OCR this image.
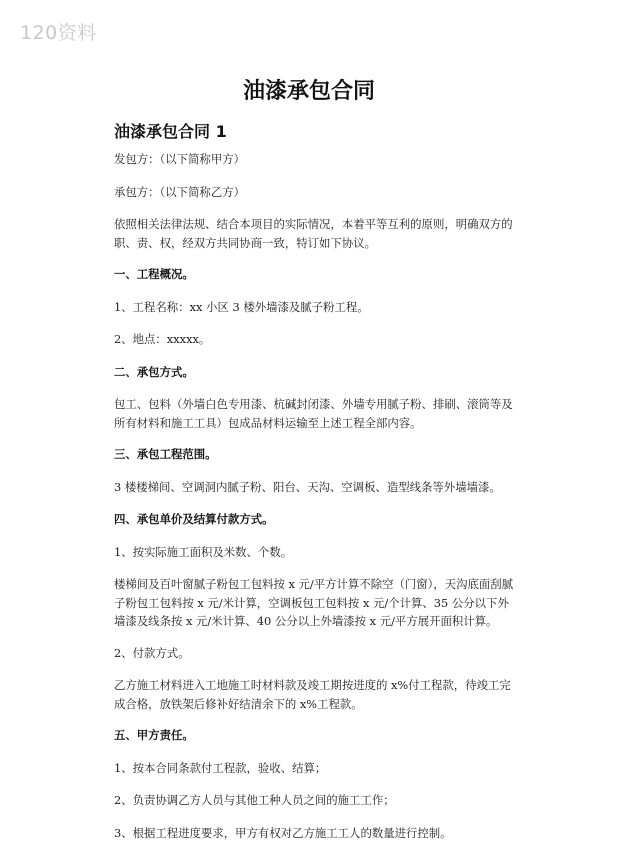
120资料
油漆承包合同
油漆承包合同 1

发包方：（以下简称甲方）

承包方：（以下简称乙方）

依照相关法律法规、结合本项目的实际情况，本着平等互利的原则，明确双方的职、责、权，经双方共同协商一致，特订如下协议。

一、工程概况。

1、工程名称：xx 小区 3 楼外墙漆及腻子粉工程。

2、地点：xxxxx。

二、承包方式。

包工、包料（外墙白色专用漆、杭碱封闭漆、外墙专用腻子粉、排刷、滚筒等及所有材料和施工工具）包成品材料运输至上述工程全部内容。

三、承包工程范围。

3 楼楼梯间、空调洞内腻子粉、阳台、天沟、空调板、造型线条等外墙墙漆。

四、承包单价及结算付款方式。

1、按实际施工面积及米数、个数。

楼梯间及百叶窗腻子粉包工包料按 x 元/平方计算不除空（门窗），天沟底面刮腻子粉包工包料按 x 元/米计算，空调板包工包料按 x 元/个计算、35 公分以下外墙漆及线条按 x 元/米计算、40 公分以上外墙漆按 x 元/平方展开面积计算。

2、付款方式。

乙方施工材料进入工地施工时材料款及竣工期按进度的 x%付工程款，待竣工完成合格，放铁架后修补好结清余下的 x%工程款。

五、甲方责任。

1、按本合同条款付工程款，验收、结算；

2、负责协调乙方人员与其他工种人员之间的施工工作；

3、根据工程进度要求，甲方有权对乙方施工工人的数量进行控制。
